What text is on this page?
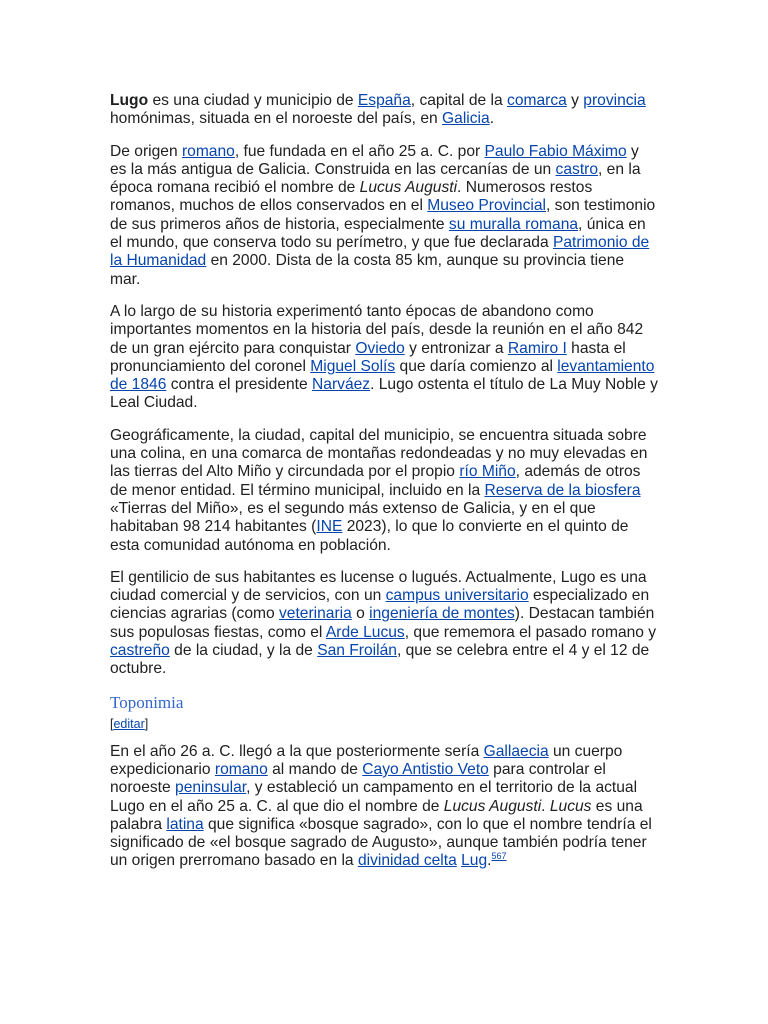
Lugo es una ciudad y municipio de España, capital de la comarca y provincia homónimas, situada en el noroeste del país, en Galicia.

De origen romano, fue fundada en el año 25 a. C. por Paulo Fabio Máximo y es la más antigua de Galicia. Construida en las cercanías de un castro, en la época romana recibió el nombre de Lucus Augusti. Numerosos restos romanos, muchos de ellos conservados en el Museo Provincial, son testimonio de sus primeros años de historia, especialmente su muralla romana, única en el mundo, que conserva todo su perímetro, y que fue declarada Patrimonio de la Humanidad en 2000. Dista de la costa 85 km, aunque su provincia tiene mar.

A lo largo de su historia experimentó tanto épocas de abandono como importantes momentos en la historia del país, desde la reunión en el año 842 de un gran ejército para conquistar Oviedo y entronizar a Ramiro I hasta el pronunciamiento del coronel Miguel Solís que daría comienzo al levantamiento de 1846 contra el presidente Narváez. Lugo ostenta el título de La Muy Noble y Leal Ciudad.

Geográficamente, la ciudad, capital del municipio, se encuentra situada sobre una colina, en una comarca de montañas redondeadas y no muy elevadas en las tierras del Alto Miño y circundada por el propio río Miño, además de otros de menor entidad. El término municipal, incluido en la Reserva de la biosfera «Tierras del Miño», es el segundo más extenso de Galicia, y en el que habitaban 98 214 habitantes (INE 2023), lo que lo convierte en el quinto de esta comunidad autónoma en población.

El gentilicio de sus habitantes es lucense o lugués. Actualmente, Lugo es una ciudad comercial y de servicios, con un campus universitario especializado en ciencias agrarias (como veterinaria o ingeniería de montes). Destacan también sus populosas fiestas, como el Arde Lucus, que rememora el pasado romano y castreño de la ciudad, y la de San Froilán, que se celebra entre el 4 y el 12 de octubre.

Toponimia
[editar]

En el año 26 a. C. llegó a la que posteriormente sería Gallaecia un cuerpo expedicionario romano al mando de Cayo Antistio Veto para controlar el noroeste peninsular, y estableció un campamento en el territorio de la actual Lugo en el año 25 a. C. al que dio el nombre de Lucus Augusti. Lucus es una palabra latina que significa «bosque sagrado», con lo que el nombre tendría el significado de «el bosque sagrado de Augusto», aunque también podría tener un origen prerromano basado en la divinidad celta Lug.$^{567}$
